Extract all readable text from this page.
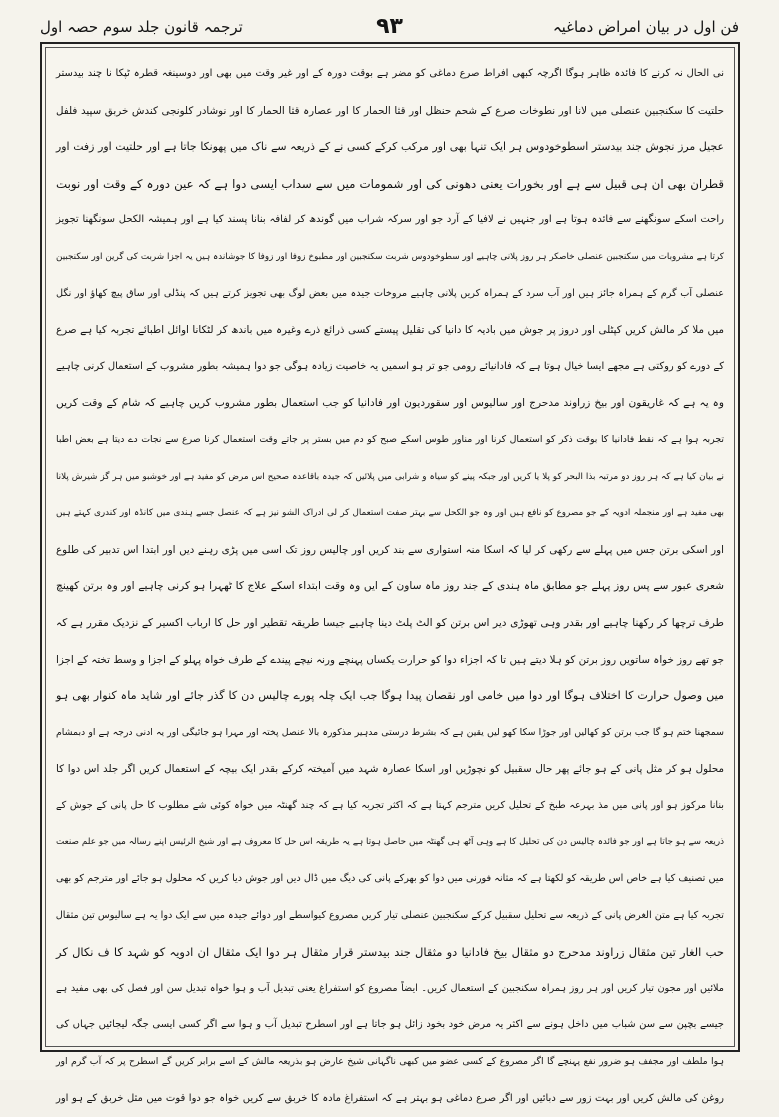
فن اول در بیان امراض دماغیہ
۹۳
ترجمہ قانون جلد سوم حصہ اول
نی الحال نہ کرنے کا فائدہ ظاہر ہوگا اگرچہ کبھی افراط صرع دماغی کو مضر ہے بوقت دورہ کے اور غیر وقت میں بھی اور دوسینغہ قطرہ ٹپکا نا چند بیدستر
حلتیت کا سکنجبین عنصلی میں لانا اور نطوخات صرع کے شحم حنظل اور قثا الحمار کا اور عصارہ قثا الحمار کا اور نوشادر کلونجی کندش خربق سپید فلفل
عجیل مرز نجوش جند بیدستر اسطوخودوس ہر ایک تنہا بھی اور مرکب کرکے کسی نے کے ذریعہ سے ناک میں پھونکا جاتا ہے اور حلتیت اور زفت اور
قطران بھی ان ہی قبیل سے ہے اور بخورات یعنی دھونی کی اور شمومات میں سے سداب ایسی دوا ہے کہ عین دورہ کے وقت اور نوبت
راحت اسکے سونگھنے سے فائدہ ہوتا ہے اور جنہیں نے لافیا کے آرد جو اور سرکہ شراب میں گوندھ کر لفافہ بنانا پسند کیا ہے اور ہمیشہ الکحل سونگھنا تجویز
کرتا ہے مشروبات میں سکنجبین عنصلی خاصکر ہر روز پلانی چاہیے اور سطوخودوس شربت سکنجبین اور مطبوخ زوفا اور زوفا کا جوشاندہ ہیں یہ اجزا شربت کی گرین اور سکنجبین
عنصلی آب گرم کے ہمراہ جائز ہیں اور آب سرد کے ہمراہ کریں پلانی چاہیے مروخات جیدہ میں بعض لوگ بھی تجویز کرتے ہیں کہ پنڈلی اور ساق پیچ کھاؤ اور نگل
میں ملا کر مالش کریں کپٹلی اور دروز پر جوش میں بادیہ کا دانیا کی تقلیل پیستے کسی ذرائع ذرے وغیرہ میں باندھ کر لٹکانا اوائل اطبائے تجربہ کیا ہے صرع
کے دورے کو روکتی ہے مجھے ایسا خیال ہوتا ہے کہ فادانیائے رومی جو تر ہو اسمیں یہ خاصیت زیادہ ہوگی جو دوا ہمیشہ بطور مشروب کے استعمال کرنی چاہیے
وہ یہ ہے کہ غاریقون اور بیخ زراوند مدحرج اور سالیوس اور سقوردیون اور فادانیا کو جب استعمال بطور مشروب کریں چاہیے کہ شام کے وقت کریں
تجربہ ہوا ہے کہ نقط فادانیا کا بوقت ذکر کو استعمال کرنا اور مناور طوس اسکے صبح کو دم میں بستر پر جاتے وقت استعمال کرنا صرع سے نجات دے دیتا ہے بعض اطبا
نے بیان کیا ہے کہ ہر روز دو مرتبہ بذا البحر کو پلا یا کریں اور جبکہ پینے کو سیاہ و شرابی میں پلائیں کہ جیدہ باقاعدہ صحیح اس مرض کو مفید ہے اور خوشبو میں ہر گز شیرش پلانا
بھی مفید ہے اور منجملہ ادویہ کے جو مصروع کو نافع ہیں اور وہ جو الکحل سے بہتر صفت استعمال کر لی ادراک الشو نیز ہے کہ عنصل جسے ہندی میں کانڈہ اور کندری کہتے ہیں
اور اسکی برتن جس میں پہلے سے رکھی کر لیا کہ اسکا منہ استواری سے بند کریں اور چالیس روز تک اسی میں پڑی رہنے دیں اور ابتدا اس تدبیر کی طلوع
شعری عبور سے پس روز پہلے جو مطابق ماہ ہندی کے جند روز ماہ ساون کے ایں وہ وقت ابتداء اسکے علاج کا ٹھہرا ہو کرنی چاہیے اور وہ برتن کھینچ
طرف ترچھا کر رکھنا چاہیے اور بقدر وہی تھوڑی دیر اس برتن کو الٹ پلٹ دینا چاہیے جیسا طریقہ تقطیر اور حل کا ارباب اکسیر کے نزدیک مقرر ہے کہ
جو تھے روز خواہ ساتویں روز برتن کو ہلا دیتے ہیں تا کہ اجزاء دوا کو حرارت یکساں پہنچے ورنہ نیچے پیندے کے طرف خواہ پہلو کے اجزا و وسط تختہ کے اجزا
میں وصول حرارت کا اختلاف ہوگا اور دوا میں خامی اور نقصان پیدا ہوگا جب ایک چلہ پورے چالیس دن کا گذر جائے اور شاید ماہ کنوار بھی ہو
سمجھنا ختم ہو گا جب برتن کو کھالیں اور جوڑا سکا کھو لیں یقین ہے کہ بشرط درستی مدہیر مذکورہ بالا عنصل پختہ اور مہرا ہو جائیگی اور یہ ادنی درجہ ہے او دبمشام
محلول ہو کر مثل پانی کے ہو جائے پھر حال سقبیل کو نچوڑیں اور اسکا عصارہ شہد میں آمیختہ کرکے بقدر ایک بیچہ کے استعمال کریں اگر جلد اس دوا کا
بنانا مرکوز ہو اور پانی میں مذ بہرعہ طبخ کے تحلیل کریں مترجم کہتا ہے کہ اکثر تجربہ کیا ہے کہ چند گھنٹہ میں خواہ کوئی شے مطلوب کا حل پانی کے جوش کے
ذریعہ سے ہو جاتا ہے اور جو فائدہ چالیس دن کی تحلیل کا ہے وہی آٹھ ہی گھنٹہ میں حاصل ہوتا ہے یہ طریقہ اس حل کا معروف ہے اور شیخ الرئیس اپنے رسالہ میں جو علم صنعت
میں تصنیف کیا ہے خاص اس طریقہ کو لکھتا ہے کہ مثانہ فورنی میں دوا کو بھرکے پانی کی دیگ میں ڈال دیں اور جوش دیا کریں کہ محلول ہو جائے اور مترجم کو بھی
تجربہ کیا ہے متن الغرض پانی کے ذریعہ سے تحلیل سقبیل کرکے سکنجبین عنصلی تیار کریں مصروع کیواسطے اور دوائے جیدہ میں سے ایک دوا یہ ہے سالیوس تین مثقال
حب الغار تین مثقال زراوند مدحرج دو مثقال بیخ فادانیا دو مثقال جند بیدستر قرار مثقال ہر دوا ایک مثقال ان ادویہ کو شہد کا ف نکال کر
ملائیں اور مجون تیار کریں اور ہر روز ہمراہ سکنجبین کے استعمال کریں۔ ایضاً مصروع کو استفراغ یعنی تبدیل آب و ہوا خواہ تبدیل سن اور فصل کی بھی مفید ہے
جیسے بچپن سے سن شباب میں داخل ہونے سے اکثر یہ مرض خود بخود زائل ہو جاتا ہے اور اسطرح تبدیل آب و ہوا سے اگر کسی ایسی جگہ لیجائیں جہاں کی
ہوا ملطف اور مجفف ہو ضرور نفع پہنچے گا اگر مصروع کے کسی عضو میں کبھی ناگہانی شیخ عارض ہو بذریعہ مالش کے اسے برابر کریں گے اسطرح پر کہ آب گرم اور
روغن کی مالش کریں اور بہت زور سے دبائیں اور اگر صرع دماغی ہو بہتر ہے کہ استفراغ مادہ کا خربق سے کریں خواہ جو دوا قوت میں مثل خربق کے ہو اور
